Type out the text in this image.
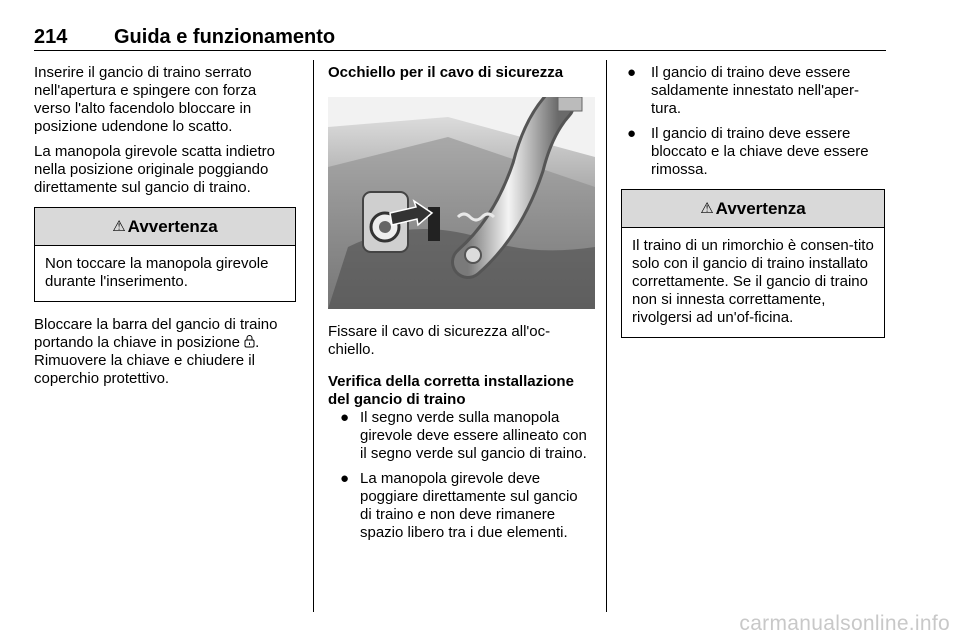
214 Guida e funzionamento

Inserire il gancio di traino serrato nell'apertura e spingere con forza verso l'alto facendolo bloccare in posizione udendone lo scatto.

La manopola girevole scatta indietro nella posizione originale poggiando direttamente sul gancio di traino.

⚠ Avvertenza
Non toccare la manopola girevole durante l'inserimento.

Bloccare la barra del gancio di traino portando la chiave in posizione .
Rimuovere la chiave e chiudere il coperchio protettivo.

Occhiello per il cavo di sicurezza

Fissare il cavo di sicurezza all'oc-chiello.

Verifica della corretta installazione del gancio di traino
● Il segno verde sulla manopola girevole deve essere allineato con il segno verde sul gancio di traino.
● La manopola girevole deve poggiare direttamente sul gancio di traino e non deve rimanere spazio libero tra i due elementi.
● Il gancio di traino deve essere saldamente innestato nell'aper-tura.
● Il gancio di traino deve essere bloccato e la chiave deve essere rimossa.
⚠ Avvertenza
Il traino di un rimorchio è consen-tito solo con il gancio di traino installato correttamente. Se il gancio di traino non si innesta correttamente, rivolgersi ad un'of-ficina.
carmanualsonline.info
